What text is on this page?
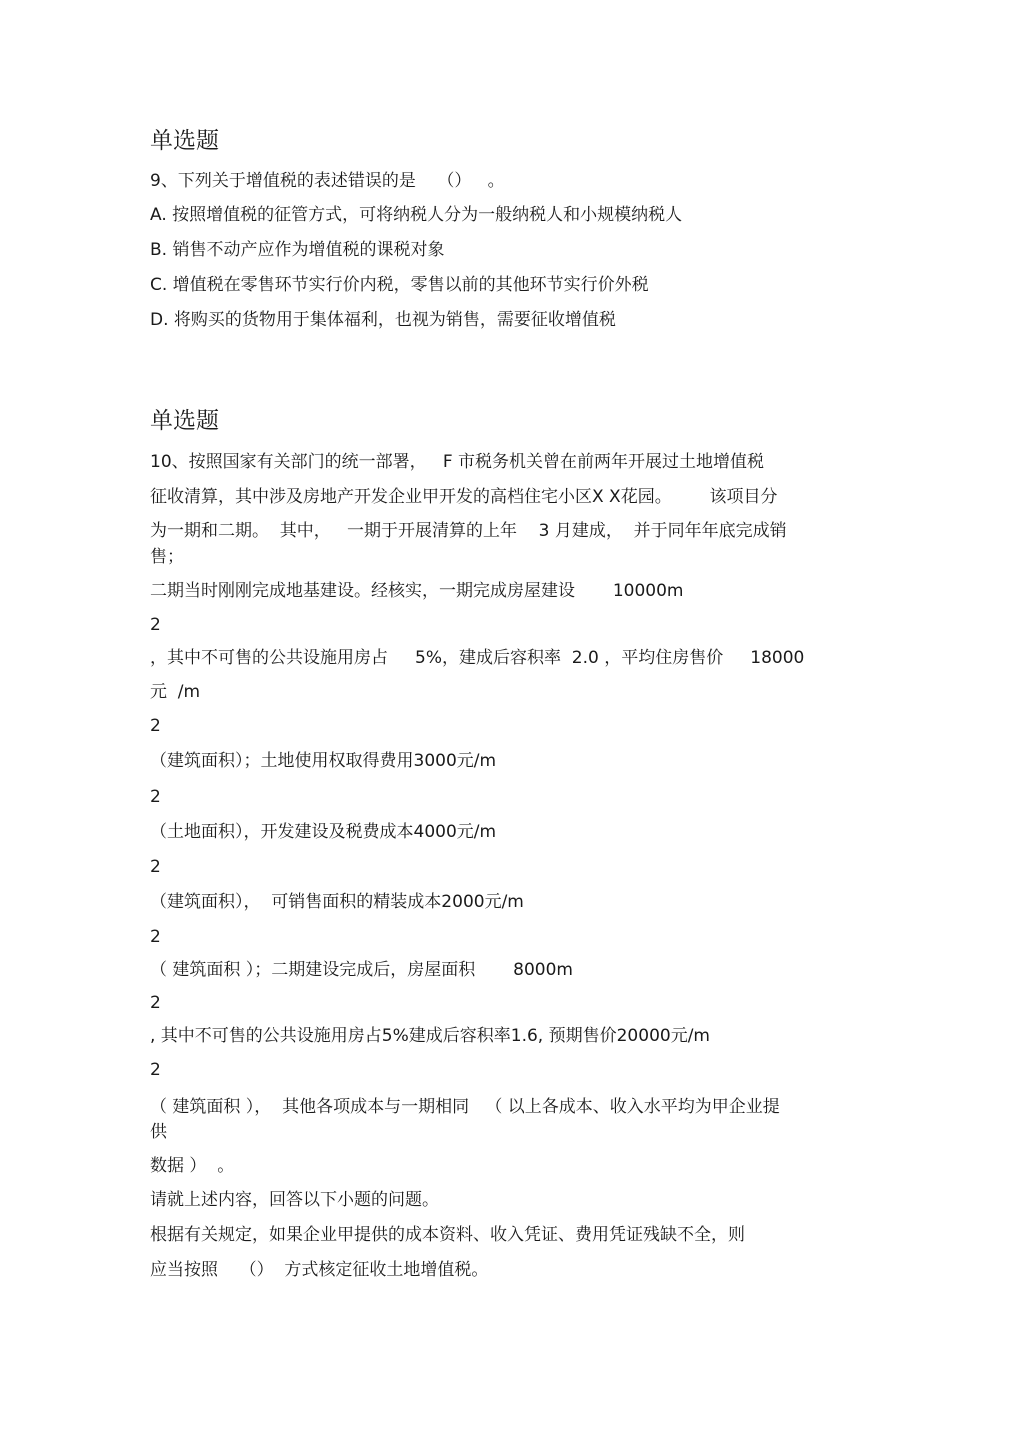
单选题
9、下列关于增值税的表述错误的是    （）   。
A. 按照增值税的征管方式，可将纳税人分为一般纳税人和小规模纳税人
B. 销售不动产应作为增值税的课税对象
C. 增值税在零售环节实行价内税，零售以前的其他环节实行价外税
D. 将购买的货物用于集体福利，也视为销售，需要征收增值税
单选题
10、按照国家有关部门的统一部署，   F 市税务机关曾在前两年开展过土地增值税
征收清算，其中涉及房地产开发企业甲开发的高档住宅小区X X花园。       该项目分
为一期和二期。  其中，   一期于开展清算的上年    3 月建成，  并于同年年底完成销
售；
二期当时刚刚完成地基建设。经核实，一期完成房屋建设       10000m
2
，其中不可售的公共设施用房占     5%，建成后容积率  2.0 ，平均住房售价     18000
元  /m
2
（建筑面积）；土地使用权取得费用3000元/m
2
（土地面积），开发建设及税费成本4000元/m
2
（建筑面积），  可销售面积的精装成本2000元/m
2
（ 建筑面积 ）；二期建设完成后，房屋面积       8000m
2
, 其中不可售的公共设施用房占5%建成后容积率1.6, 预期售价20000元/m
2
（ 建筑面积 ），  其他各项成本与一期相同   （ 以上各成本、收入水平均为甲企业提
供
数据 ）  。
请就上述内容，回答以下小题的问题。
根据有关规定，如果企业甲提供的成本资料、收入凭证、费用凭证残缺不全，则
应当按照    （）  方式核定征收土地增值税。
